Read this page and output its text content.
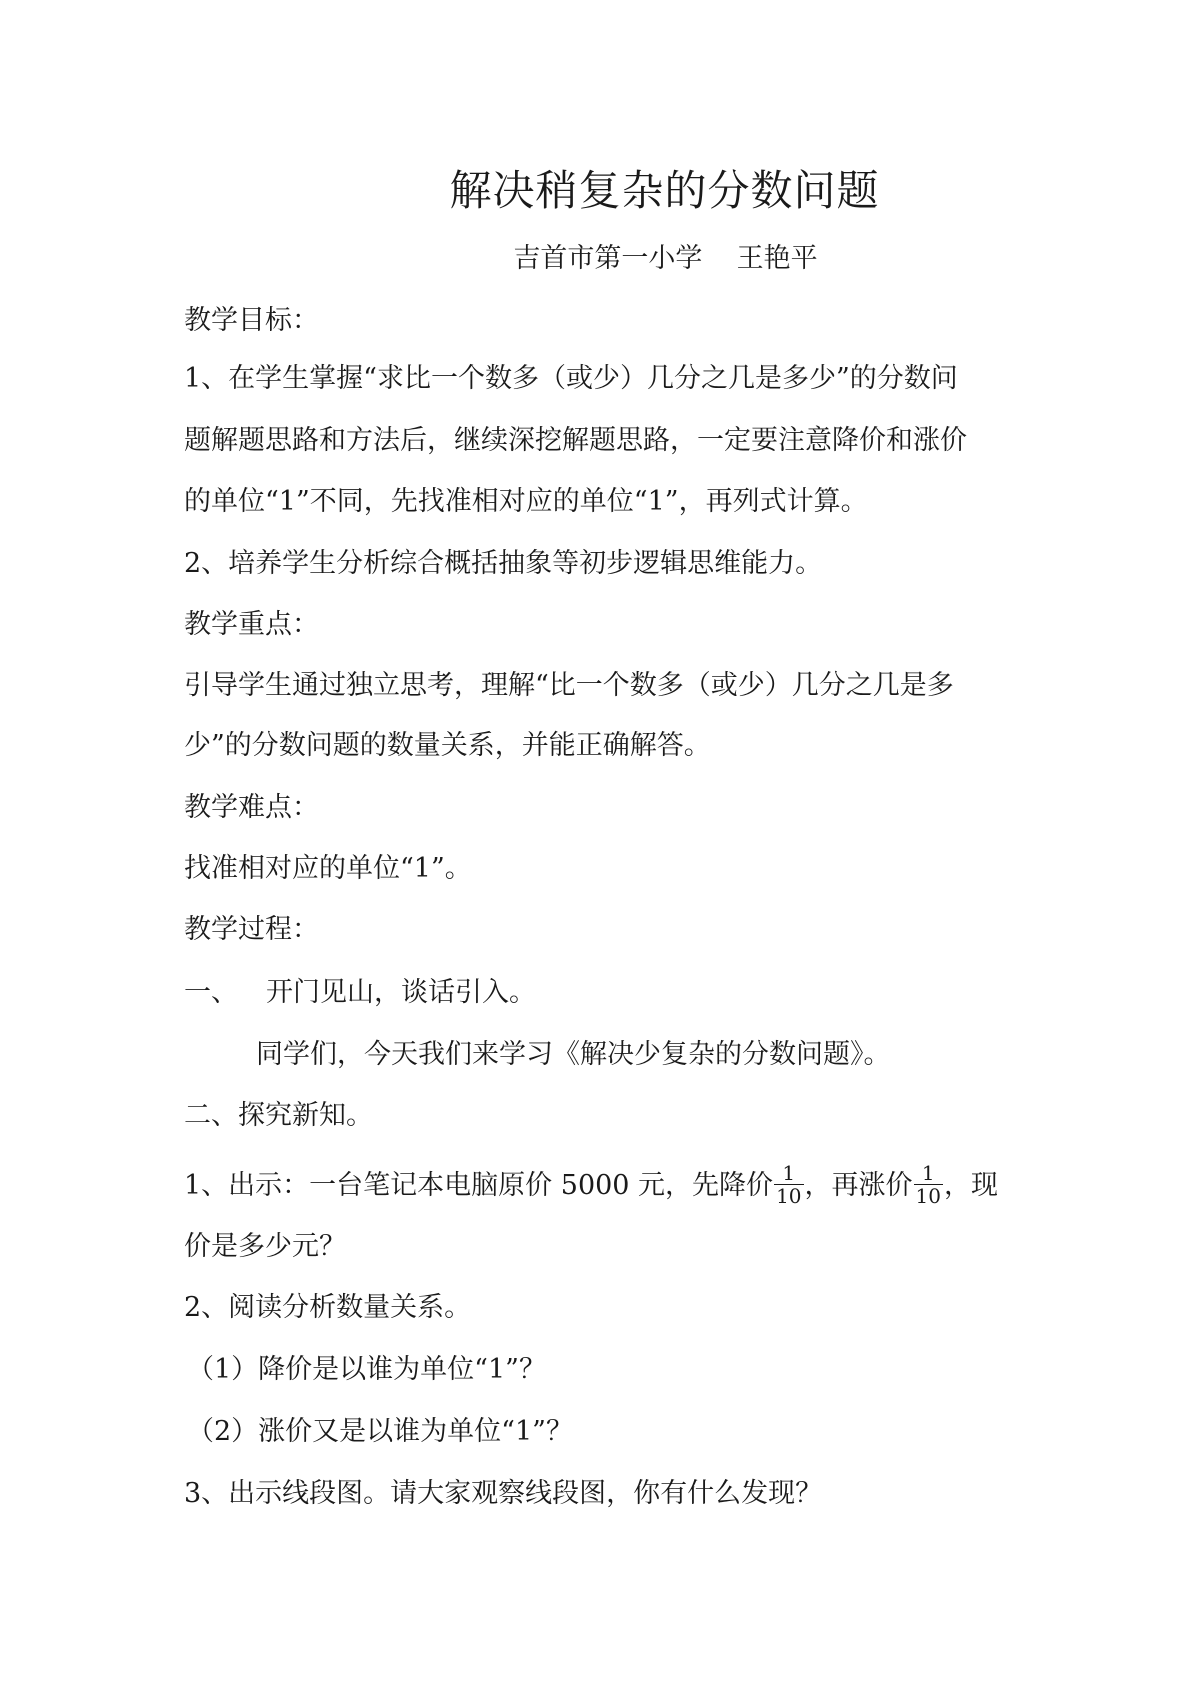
解决稍复杂的分数问题
吉首市第一小学    王艳平
教学目标：
1、在学生掌握“求比一个数多（或少）几分之几是多少”的分数问
题解题思路和方法后，继续深挖解题思路，一定要注意降价和涨价
的单位“1”不同，先找准相对应的单位“1”，再列式计算。
2、培养学生分析综合概括抽象等初步逻辑思维能力。
教学重点：
引导学生通过独立思考，理解“比一个数多（或少）几分之几是多
少”的分数问题的数量关系，并能正确解答。
教学难点：
找准相对应的单位“1”。
教学过程：
一、 开门见山，谈话引入。
同学们，今天我们来学习《解决少复杂的分数问题》。
二、探究新知。
1、出示：一台笔记本电脑原价 5000 元，先降价 $\frac{1}{10}$ ，再涨价 $\frac{1}{10}$ ，现
价是多少元？
2、阅读分析数量关系。
（1）降价是以谁为单位“1”？
（2）涨价又是以谁为单位“1”？
3、出示线段图。请大家观察线段图，你有什么发现？
